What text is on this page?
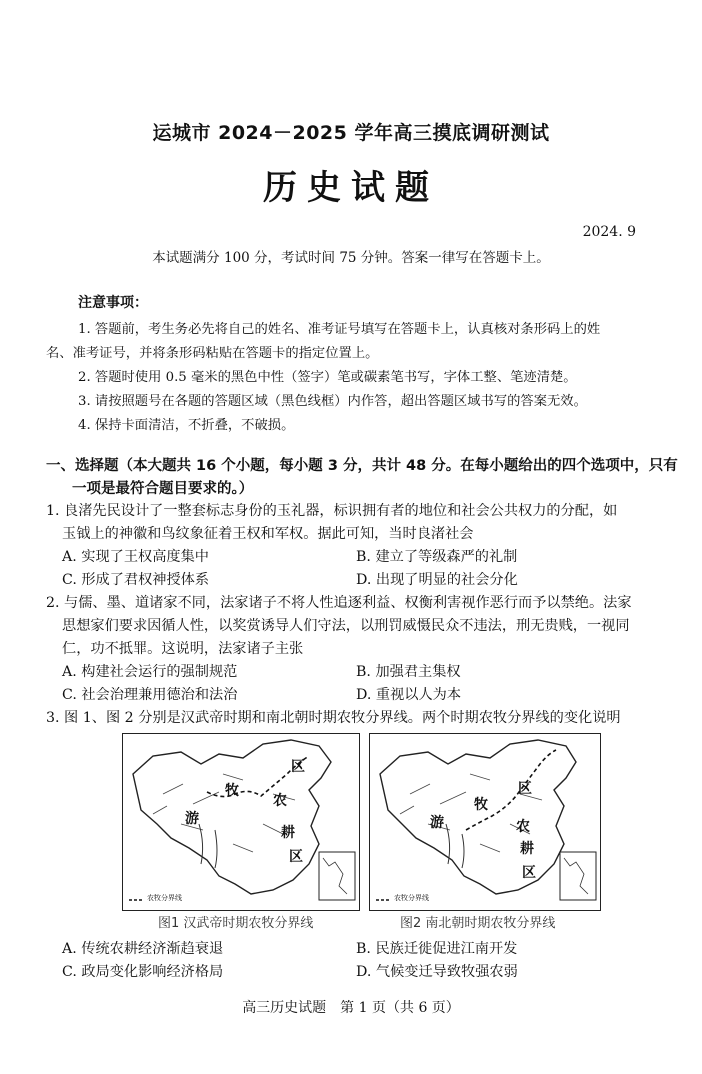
运城市 2024－2025 学年高三摸底调研测试
历史试题
2024. 9
本试题满分 100 分，考试时间 75 分钟。答案一律写在答题卡上。
注意事项：
1. 答题前，考生务必先将自己的姓名、准考证号填写在答题卡上，认真核对条形码上的姓
名、准考证号，并将条形码粘贴在答题卡的指定位置上。
2. 答题时使用 0.5 毫米的黑色中性（签字）笔或碳素笔书写，字体工整、笔迹清楚。
3. 请按照题号在各题的答题区域（黑色线框）内作答，超出答题区域书写的答案无效。
4. 保持卡面清洁，不折叠，不破损。
一、选择题（本大题共 16 个小题，每小题 3 分，共计 48 分。在每小题给出的四个选项中，只有
一项是最符合题目要求的。）
1. 良渚先民设计了一整套标志身份的玉礼器，标识拥有者的地位和社会公共权力的分配，如
玉钺上的神徽和鸟纹象征着王权和军权。据此可知，当时良渚社会
A. 实现了王权高度集中	B. 建立了等级森严的礼制
C. 形成了君权神授体系	D. 出现了明显的社会分化
2. 与儒、墨、道诸家不同，法家诸子不将人性追逐利益、权衡利害视作恶行而予以禁绝。法家
思想家们要求因循人性，以奖赏诱导人们守法，以刑罚威慑民众不违法，刑无贵贱，一视同
仁，功不抵罪。这说明，法家诸子主张
A. 构建社会运行的强制规范	B. 加强君主集权
C. 社会治理兼用德治和法治	D. 重视以人为本
3. 图 1、图 2 分别是汉武帝时期和南北朝时期农牧分界线。两个时期农牧分界线的变化说明
区
牧
农
游
耕
区
农牧分界线
图1 汉武帝时期农牧分界线
区
牧
农
游
耕
区
农牧分界线
图2 南北朝时期农牧分界线
A. 传统农耕经济渐趋衰退	B. 民族迁徙促进江南开发
C. 政局变化影响经济格局	D. 气候变迁导致牧强农弱
高三历史试题　第 1 页（共 6 页）
